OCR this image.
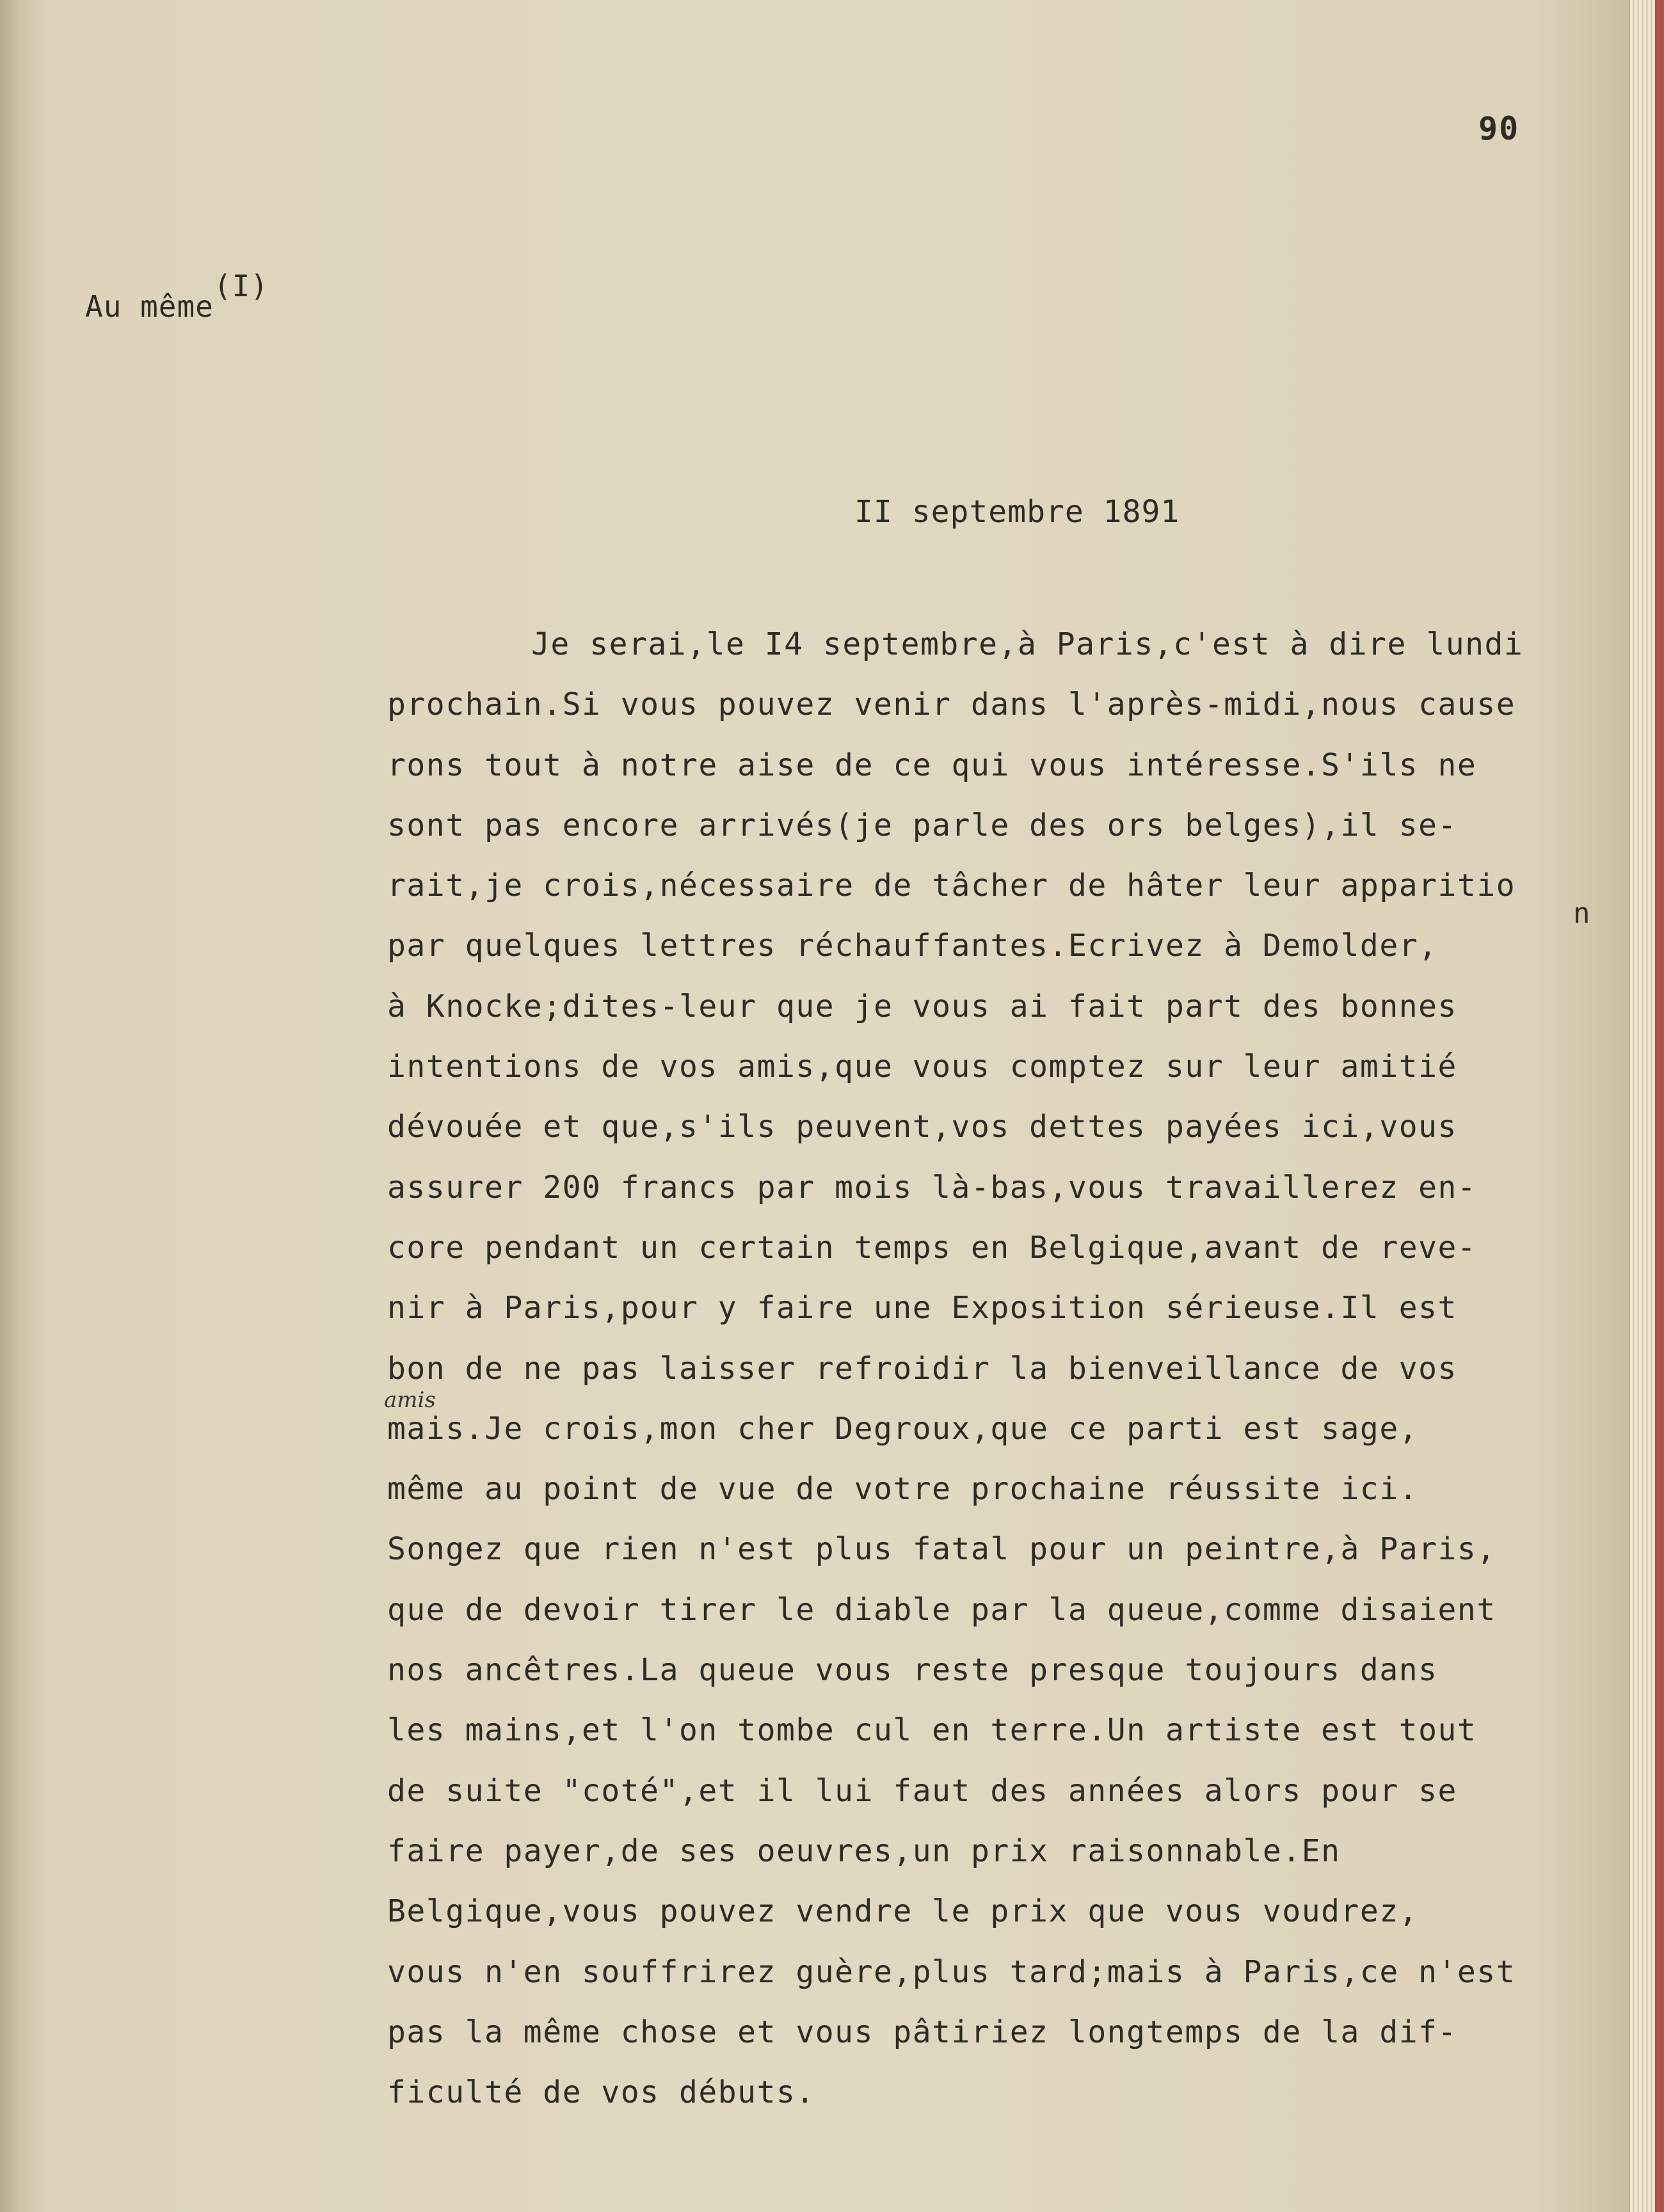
90
Au même$^{(I)}$
II septembre 1891
Je serai,le I4 septembre,à Paris,c'est à dire lundi
prochain.Si vous pouvez venir dans l'après-midi,nous cause
rons tout à notre aise de ce qui vous intéresse.S'ils ne
sont pas encore arrivés(je parle des ors belges),il se-
rait,je crois,nécessaire de tâcher de hâter leur apparitio
par quelques lettres réchauffantes.Ecrivez à Demolder,
à Knocke;dites-leur que je vous ai fait part des bonnes
intentions de vos amis,que vous comptez sur leur amitié
dévouée et que,s'ils peuvent,vos dettes payées ici,vous
assurer 200 francs par mois là-bas,vous travaillerez en-
core pendant un certain temps en Belgique,avant de reve-
nir à Paris,pour y faire une Exposition sérieuse.Il est
bon de ne pas laisser refroidir la bienveillance de vos
mais.Je crois,mon cher Degroux,que ce parti est sage,
même au point de vue de votre prochaine réussite ici.
Songez que rien n'est plus fatal pour un peintre,à Paris,
que de devoir tirer le diable par la queue,comme disaient
nos ancêtres.La queue vous reste presque toujours dans
les mains,et l'on tombe cul en terre.Un artiste est tout
de suite "coté",et il lui faut des années alors pour se
faire payer,de ses oeuvres,un prix raisonnable.En
Belgique,vous pouvez vendre le prix que vous voudrez,
vous n'en souffrirez guère,plus tard;mais à Paris,ce n'est
pas la même chose et vous pâtiriez longtemps de la dif-
ficulté de vos débuts.
n
amis
